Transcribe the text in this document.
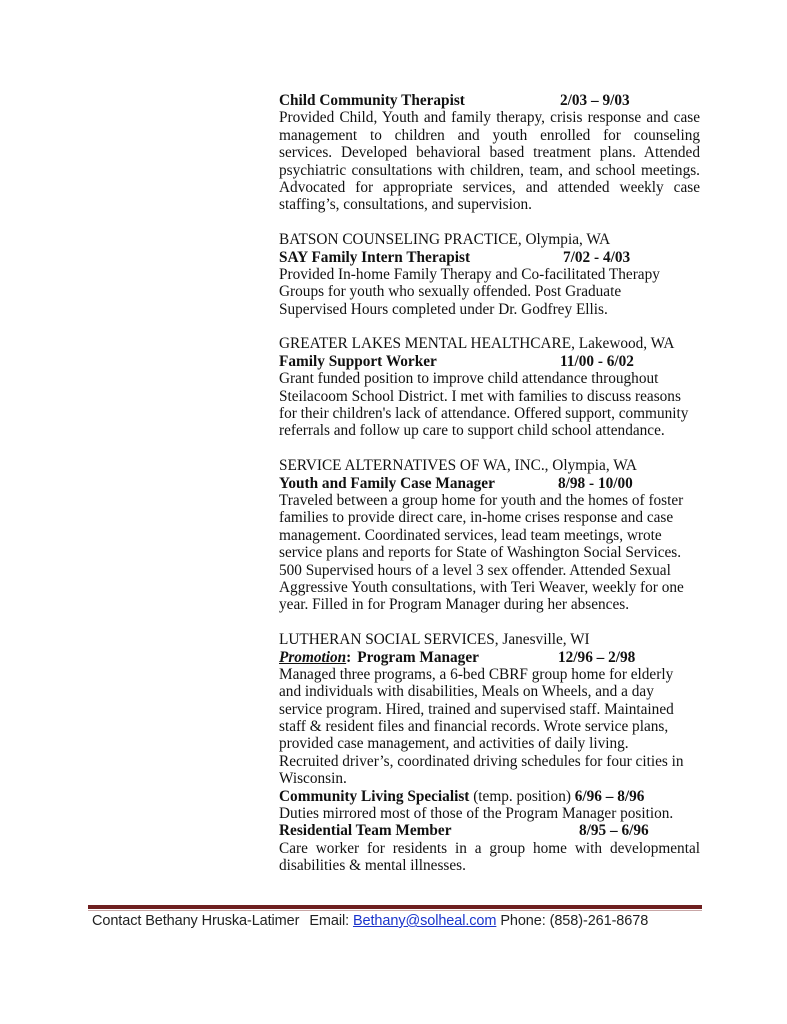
Child Community Therapist	2/03 – 9/03
Provided Child, Youth and family therapy, crisis response and case
management to children and youth enrolled for counseling
services. Developed behavioral based treatment plans. Attended
psychiatric consultations with children, team, and school meetings.
Advocated for appropriate services, and attended weekly case
staffing’s, consultations, and supervision.
BATSON COUNSELING PRACTICE, Olympia, WA
SAY Family Intern Therapist	7/02 - 4/03
Provided In-home Family Therapy and Co-facilitated Therapy
Groups for youth who sexually offended. Post Graduate
Supervised Hours completed under Dr. Godfrey Ellis.
GREATER LAKES MENTAL HEALTHCARE, Lakewood, WA
Family Support Worker	11/00 - 6/02
Grant funded position to improve child attendance throughout
Steilacoom School District. I met with families to discuss reasons
for their children's lack of attendance. Offered support, community
referrals and follow up care to support child school attendance.
SERVICE ALTERNATIVES OF WA, INC., Olympia, WA
Youth and Family Case Manager	8/98 - 10/00
Traveled between a group home for youth and the homes of foster
families to provide direct care, in-home crises response and case
management. Coordinated services, lead team meetings, wrote
service plans and reports for State of Washington Social Services.
500 Supervised hours of a level 3 sex offender. Attended Sexual
Aggressive Youth consultations, with Teri Weaver, weekly for one
year. Filled in for Program Manager during her absences.
LUTHERAN SOCIAL SERVICES, Janesville, WI
Promotion: Program Manager	12/96 – 2/98
Managed three programs, a 6-bed CBRF group home for elderly
and individuals with disabilities, Meals on Wheels, and a day
service program. Hired, trained and supervised staff. Maintained
staff & resident files and financial records. Wrote service plans,
provided case management, and activities of daily living.
Recruited driver’s, coordinated driving schedules for four cities in
Wisconsin.
Community Living Specialist (temp. position) 6/96 – 8/96
Duties mirrored most of those of the Program Manager position.
Residential Team Member	8/95 – 6/96
Care worker for residents in a group home with developmental
disabilities & mental illnesses.
Contact Bethany Hruska-Latimer Email: Bethany@solheal.com Phone: (858)-261-8678
